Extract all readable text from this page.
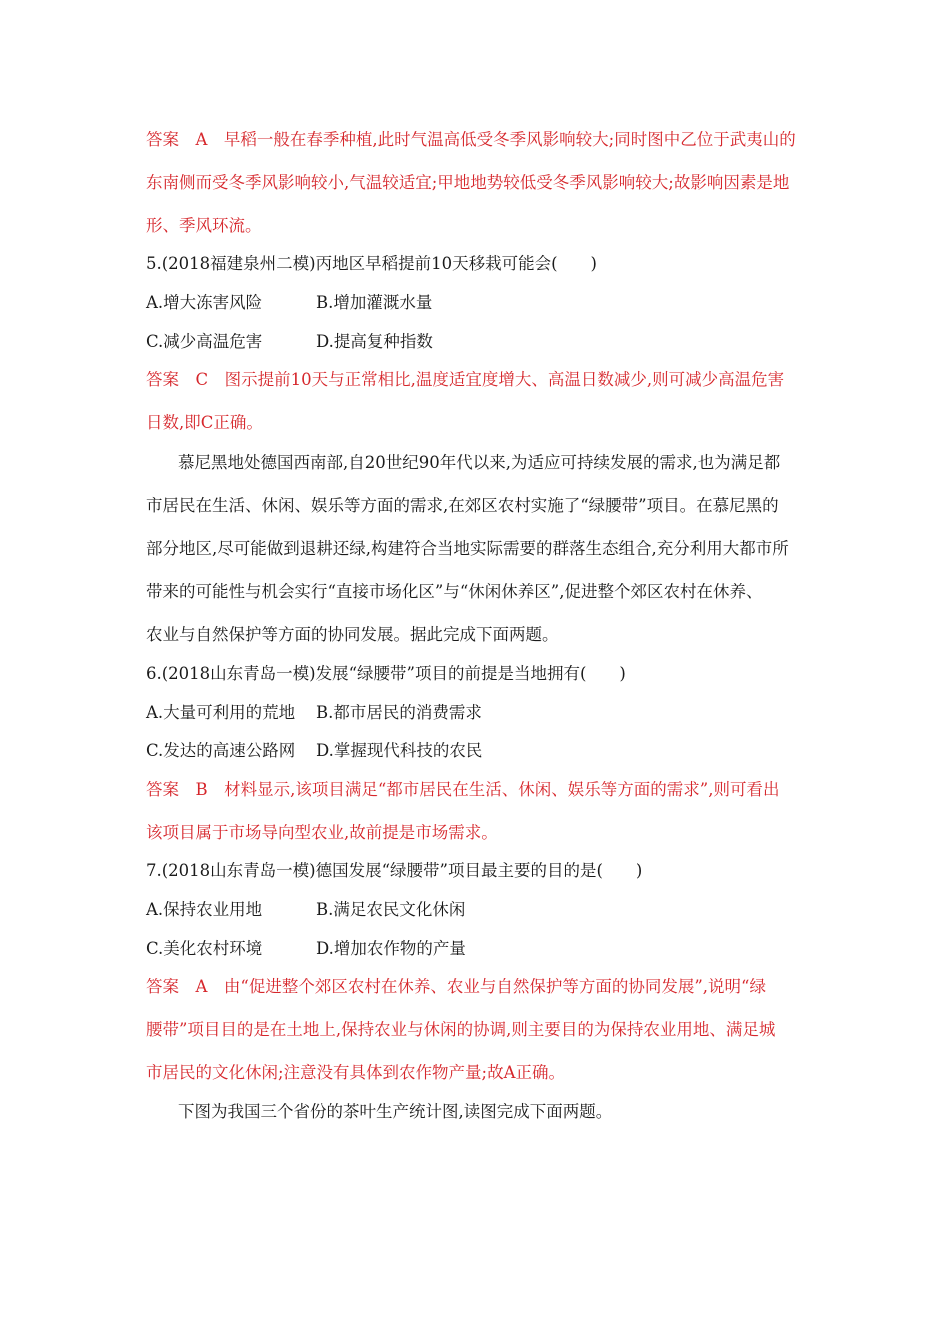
答案　A　早稻一般在春季种植,此时气温高低受冬季风影响较大;同时图中乙位于武夷山的
东南侧而受冬季风影响较小,气温较适宜;甲地地势较低受冬季风影响较大;故影响因素是地
形、季风环流。
5.(2018福建泉州二模)丙地区早稻提前10天移栽可能会(　　)
A.增大冻害风险	B.增加灌溉水量
C.减少高温危害	D.提高复种指数
答案　C　图示提前10天与正常相比,温度适宜度增大、高温日数减少,则可减少高温危害
日数,即C正确。
慕尼黑地处德国西南部,自20世纪90年代以来,为适应可持续发展的需求,也为满足都
市居民在生活、休闲、娱乐等方面的需求,在郊区农村实施了“绿腰带”项目。在慕尼黑的
部分地区,尽可能做到退耕还绿,构建符合当地实际需要的群落生态组合,充分利用大都市所
带来的可能性与机会实行“直接市场化区”与“休闲休养区”,促进整个郊区农村在休养、
农业与自然保护等方面的协同发展。据此完成下面两题。
6.(2018山东青岛一模)发展“绿腰带”项目的前提是当地拥有(　　)
A.大量可利用的荒地 B.都市居民的消费需求
C.发达的高速公路网 D.掌握现代科技的农民
答案　B　材料显示,该项目满足“都市居民在生活、休闲、娱乐等方面的需求”,则可看出
该项目属于市场导向型农业,故前提是市场需求。
7.(2018山东青岛一模)德国发展“绿腰带”项目最主要的目的是(　　)
A.保持农业用地	B.满足农民文化休闲
C.美化农村环境	D.增加农作物的产量
答案　A　由“促进整个郊区农村在休养、农业与自然保护等方面的协同发展”,说明“绿
腰带”项目目的是在土地上,保持农业与休闲的协调,则主要目的为保持农业用地、满足城
市居民的文化休闲;注意没有具体到农作物产量;故A正确。
下图为我国三个省份的茶叶生产统计图,读图完成下面两题。
